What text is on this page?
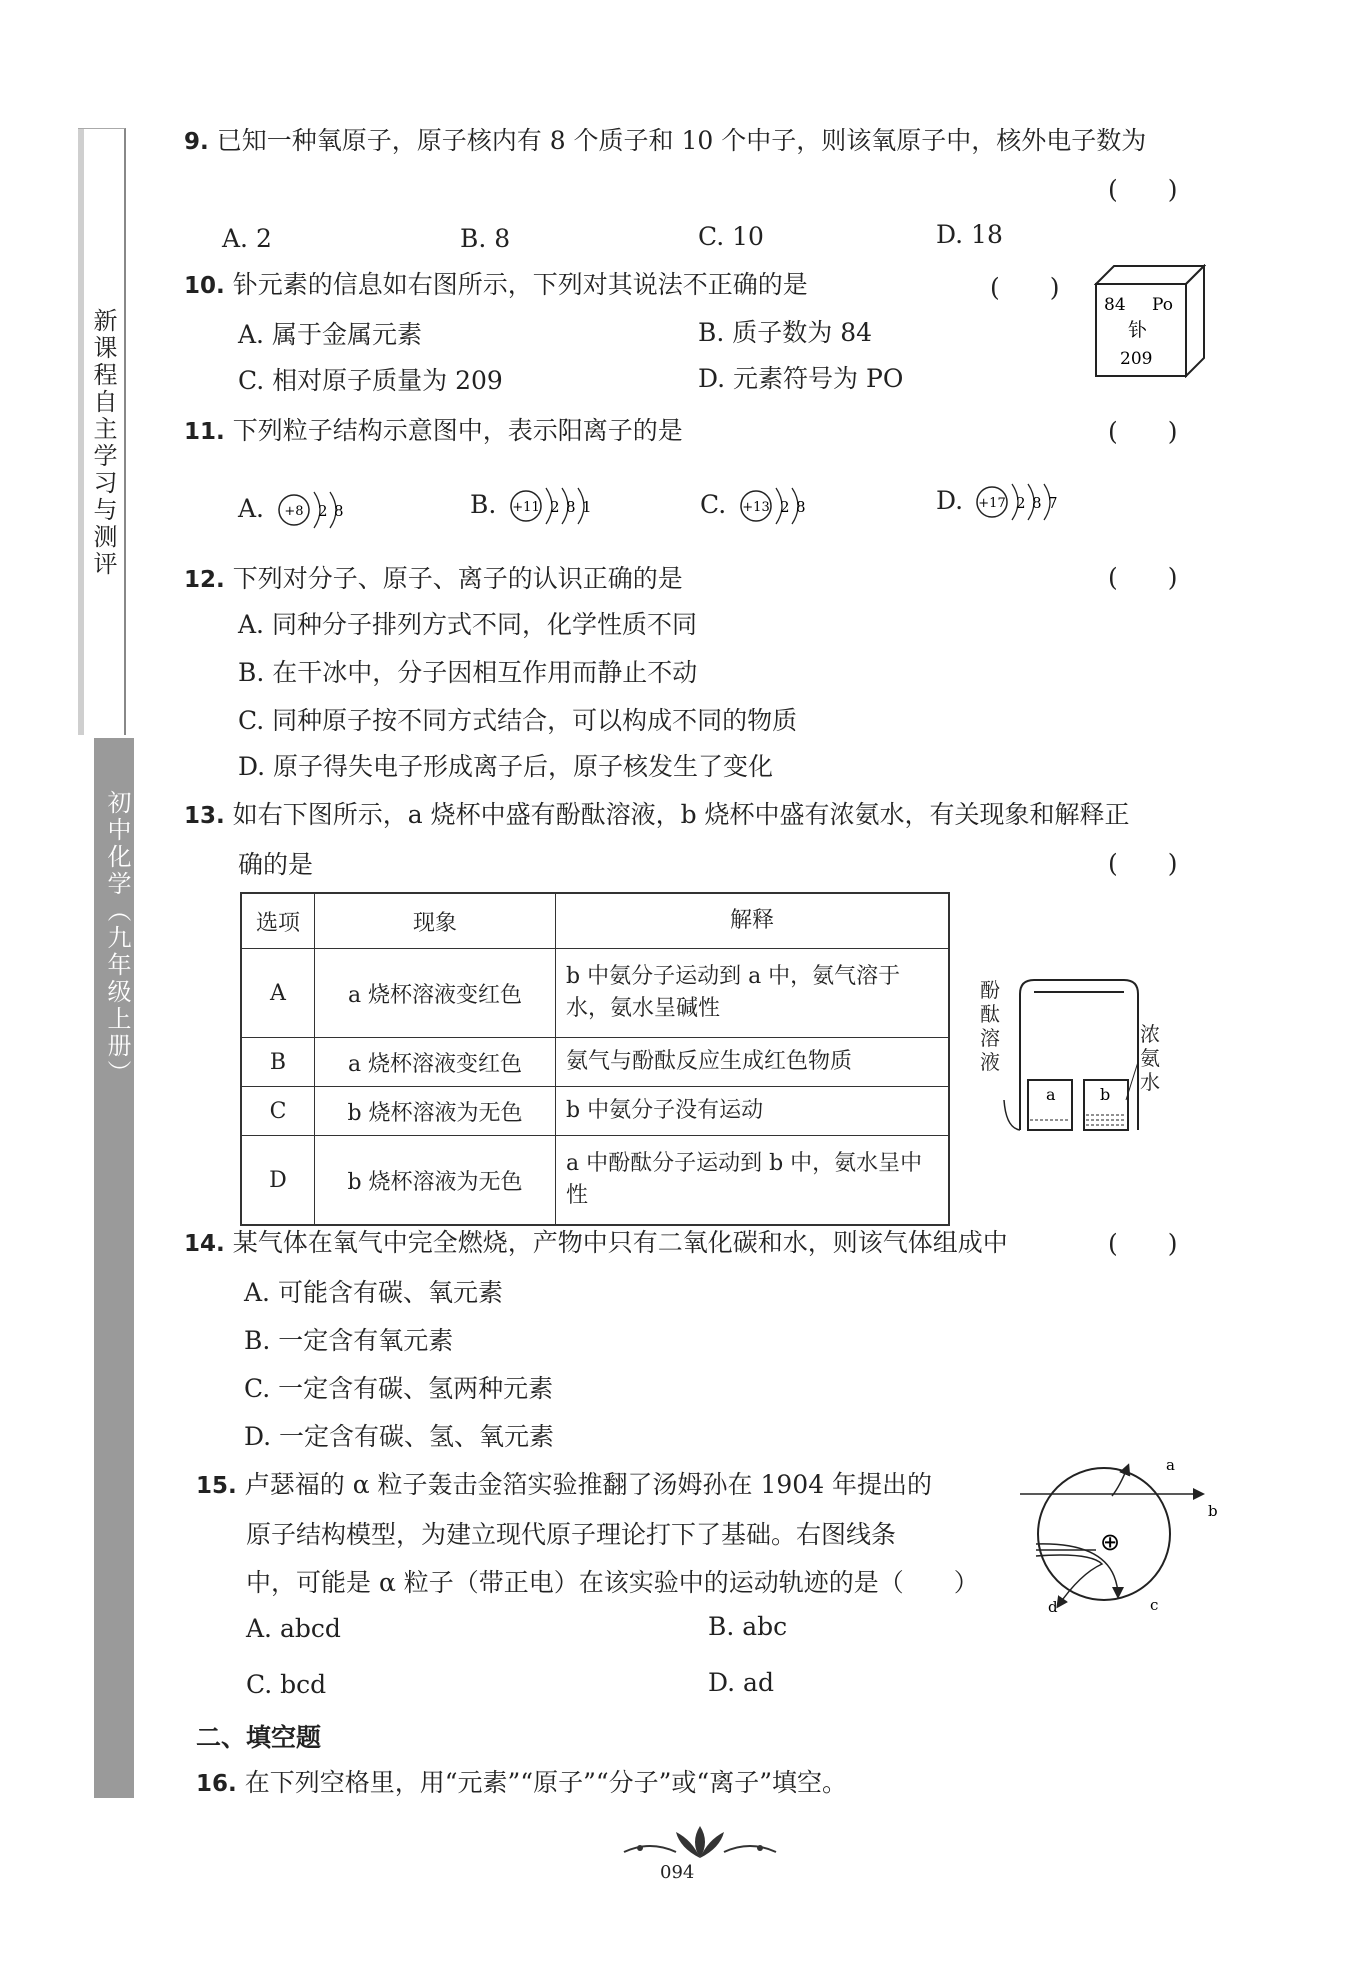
新课程自主学习与测评
初中化学（九年级上册）
9. 已知一种氧原子，原子核内有 8 个质子和 10 个中子，则该氧原子中，核外电子数为
(　　)
A. 2	B. 8	C. 10	D. 18
10. 钋元素的信息如右图所示，下列对其说法不正确的是	(　　)
A. 属于金属元素	B. 质子数为 84
C. 相对原子质量为 209	D. 元素符号为 PO
84 Po
钋
209
11. 下列粒子结构示意图中，表示阳离子的是	(　　)
A. +8 2 8	B. +11 2 8 1	C. +13 2 8	D. +17 2 8 7
12. 下列对分子、原子、离子的认识正确的是	(　　)
A. 同种分子排列方式不同，化学性质不同
B. 在干冰中，分子因相互作用而静止不动
C. 同种原子按不同方式结合，可以构成不同的物质
D. 原子得失电子形成离子后，原子核发生了变化
13. 如右下图所示，a 烧杯中盛有酚酞溶液，b 烧杯中盛有浓氨水，有关现象和解释正
确的是	(　　)
选项	现象	解释
A	a 烧杯溶液变红色	b 中氨分子运动到 a 中，氨气溶于水，氨水呈碱性
B	a 烧杯溶液变红色	氨气与酚酞反应生成红色物质
C	b 烧杯溶液为无色	b 中氨分子没有运动
D	b 烧杯溶液为无色	a 中酚酞分子运动到 b 中，氨水呈中性
a	b
酚酞溶液
浓氨水
14. 某气体在氧气中完全燃烧，产物中只有二氧化碳和水，则该气体组成中	(　　)
A. 可能含有碳、氧元素
B. 一定含有氧元素
C. 一定含有碳、氢两种元素
D. 一定含有碳、氢、氧元素
15. 卢瑟福的 α 粒子轰击金箔实验推翻了汤姆孙在 1904 年提出的
原子结构模型，为建立现代原子理论打下了基础。右图线条
中，可能是 α 粒子（带正电）在该实验中的运动轨迹的是（　　）
A. abcd	B. abc
C. bcd	D. ad
⊕
a
b
c
d
二、填空题
16. 在下列空格里，用“元素”“原子”“分子”或“离子”填空。
094
